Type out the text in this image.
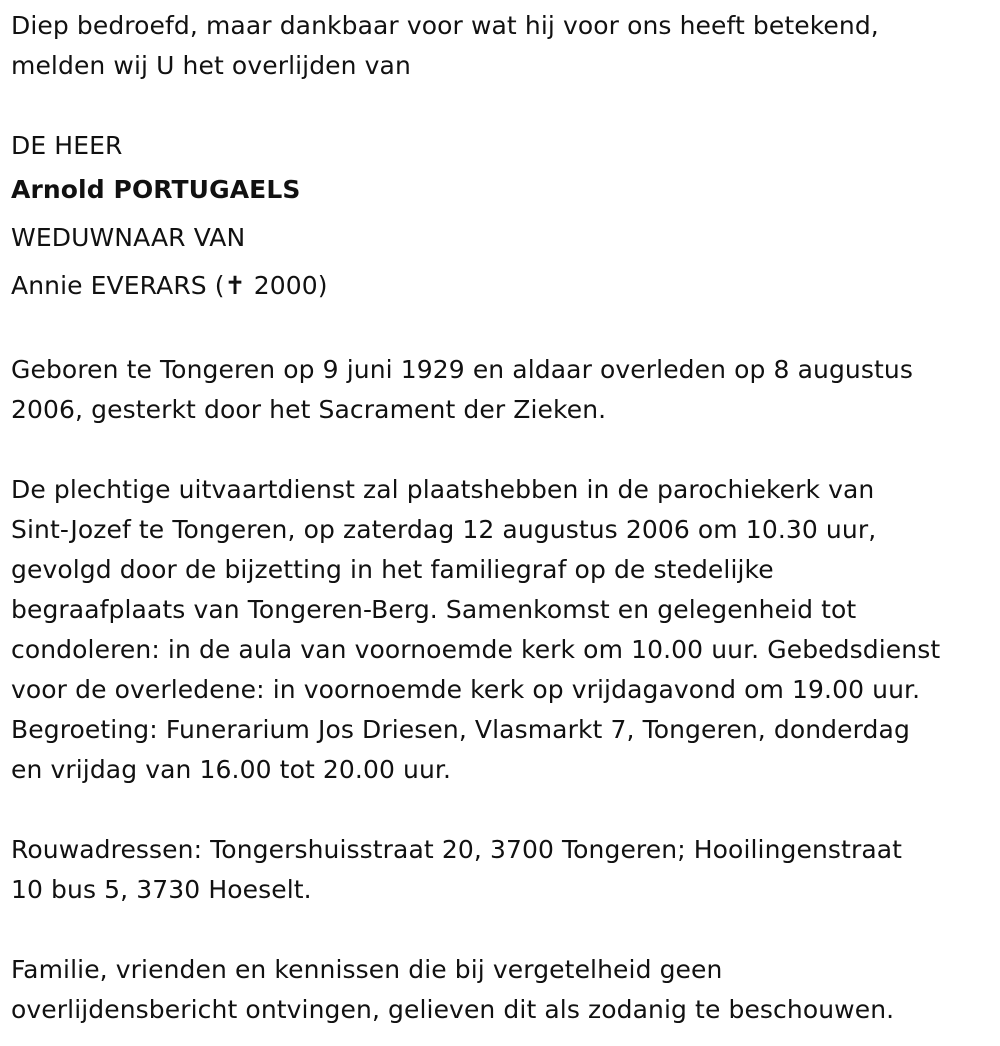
Diep bedroefd, maar dankbaar voor wat hij voor ons heeft betekend,

melden wij U het overlijden van

DE HEER

Arnold PORTUGAELS

WEDUWNAAR VAN

Annie EVERARS (✝ 2000)

Geboren te Tongeren op 9 juni 1929 en aldaar overleden op 8 augustus

2006, gesterkt door het Sacrament der Zieken.

De plechtige uitvaartdienst zal plaatshebben in de parochiekerk van

Sint-Jozef te Tongeren, op zaterdag 12 augustus 2006 om 10.30 uur,

gevolgd door de bijzetting in het familiegraf op de stedelijke

begraafplaats van Tongeren-Berg. Samenkomst en gelegenheid tot

condoleren: in de aula van voornoemde kerk om 10.00 uur. Gebedsdienst

voor de overledene: in voornoemde kerk op vrijdagavond om 19.00 uur.

Begroeting: Funerarium Jos Driesen, Vlasmarkt 7, Tongeren, donderdag

en vrijdag van 16.00 tot 20.00 uur.

Rouwadressen: Tongershuisstraat 20, 3700 Tongeren; Hooilingenstraat

10 bus 5, 3730 Hoeselt.

Familie, vrienden en kennissen die bij vergetelheid geen

overlijdensbericht ontvingen, gelieven dit als zodanig te beschouwen.
